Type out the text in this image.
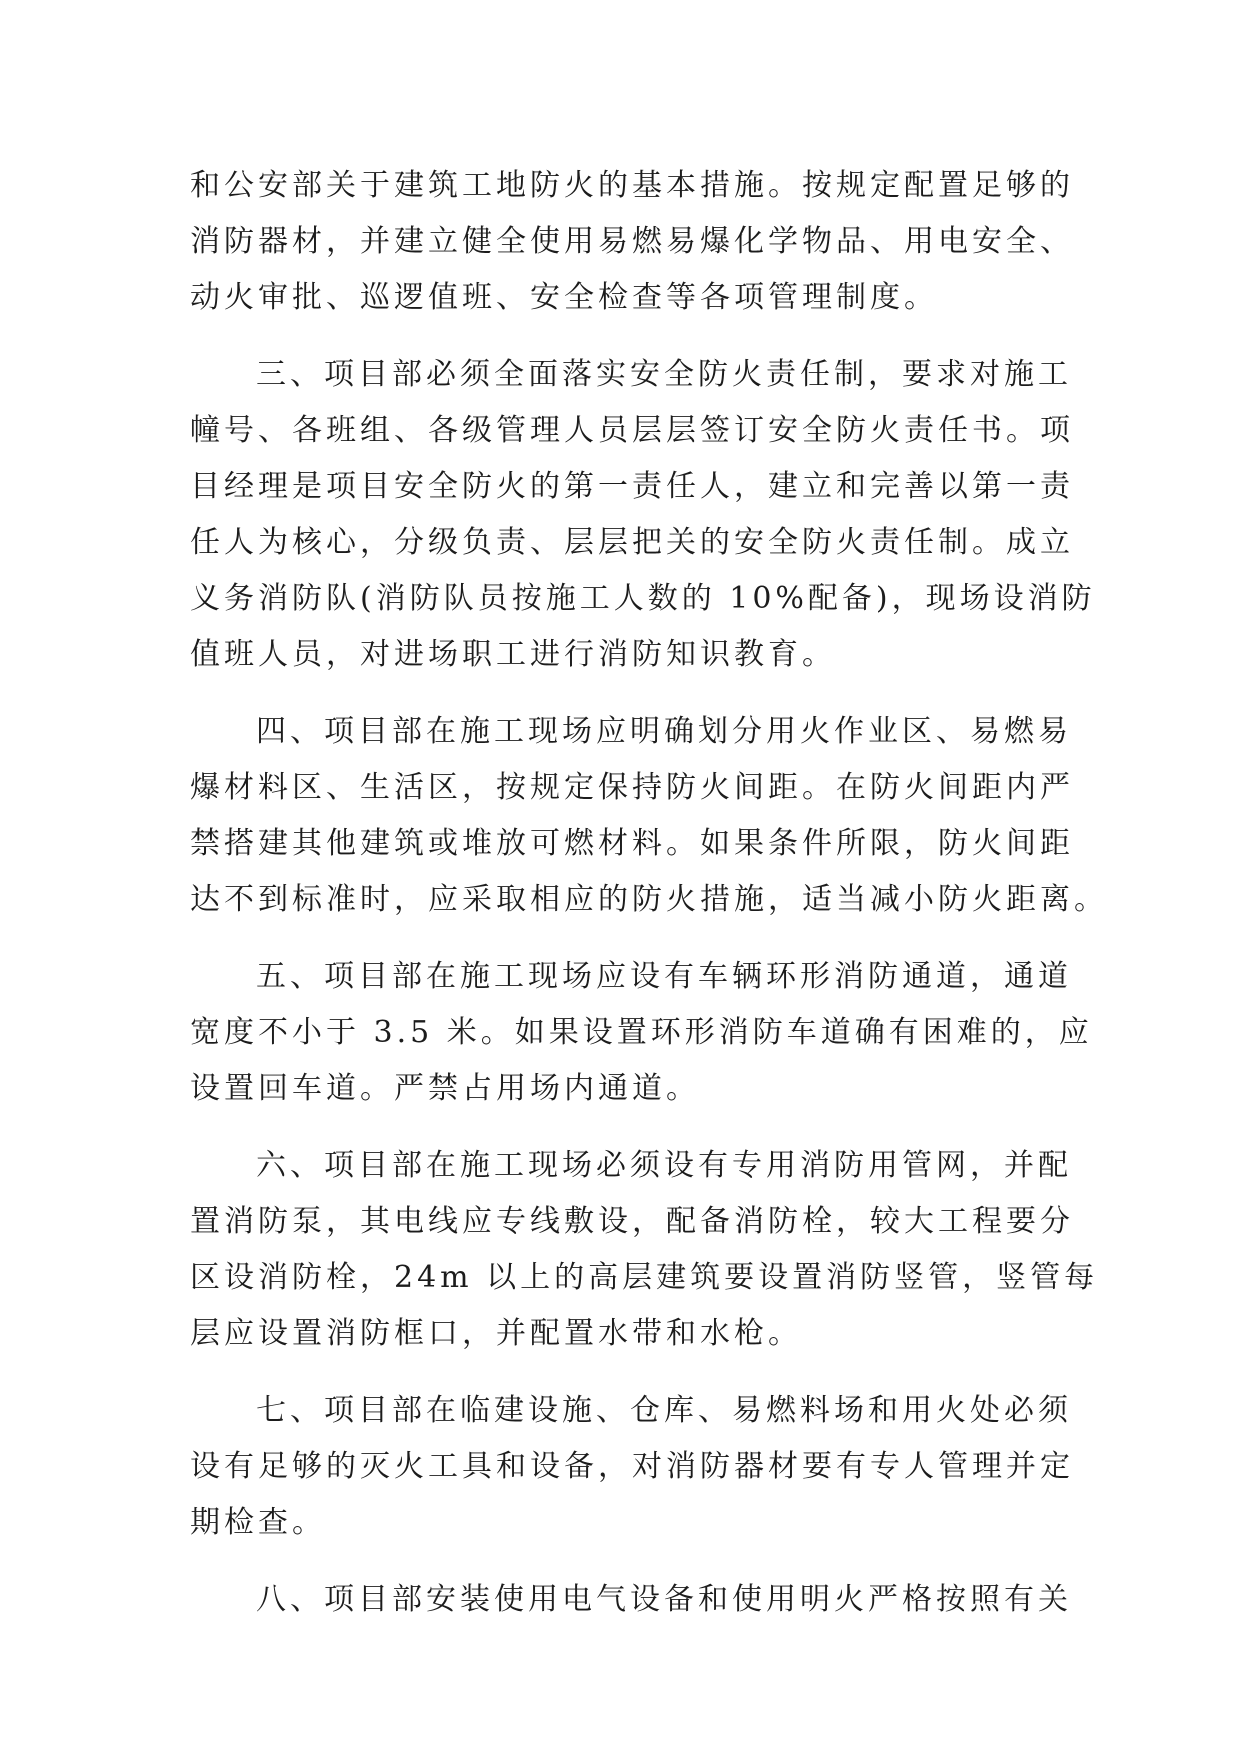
和公安部关于建筑工地防火的基本措施。按规定配置足够的
消防器材，并建立健全使用易燃易爆化学物品、用电安全、
动火审批、巡逻值班、安全检查等各项管理制度。
三、项目部必须全面落实安全防火责任制，要求对施工
幢号、各班组、各级管理人员层层签订安全防火责任书。项
目经理是项目安全防火的第一责任人，建立和完善以第一责
任人为核心，分级负责、层层把关的安全防火责任制。成立
义务消防队(消防队员按施工人数的 10%配备)，现场设消防
值班人员，对进场职工进行消防知识教育。
四、项目部在施工现场应明确划分用火作业区、易燃易
爆材料区、生活区，按规定保持防火间距。在防火间距内严
禁搭建其他建筑或堆放可燃材料。如果条件所限，防火间距
达不到标准时，应采取相应的防火措施，适当减小防火距离。
五、项目部在施工现场应设有车辆环形消防通道，通道
宽度不小于 3.5 米。如果设置环形消防车道确有困难的，应
设置回车道。严禁占用场内通道。
六、项目部在施工现场必须设有专用消防用管网，并配
置消防泵，其电线应专线敷设，配备消防栓，较大工程要分
区设消防栓，24m 以上的高层建筑要设置消防竖管，竖管每
层应设置消防框口，并配置水带和水枪。
七、项目部在临建设施、仓库、易燃料场和用火处必须
设有足够的灭火工具和设备，对消防器材要有专人管理并定
期检查。
八、项目部安装使用电气设备和使用明火严格按照有关
